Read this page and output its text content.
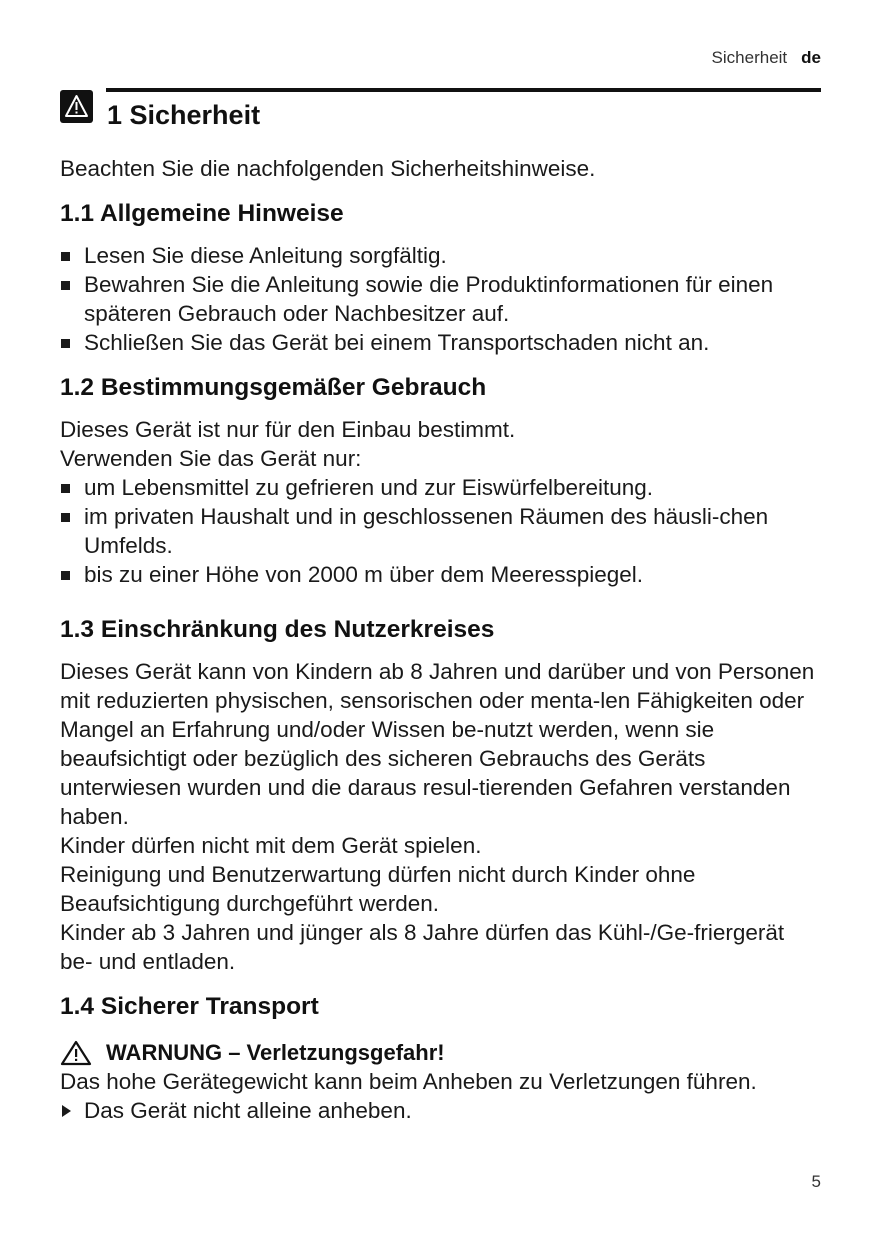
Sicherheit de
1 Sicherheit

Beachten Sie die nachfolgenden Sicherheitshinweise.

1.1 Allgemeine Hinweise
Lesen Sie diese Anleitung sorgfältig.
Bewahren Sie die Anleitung sowie die Produktinformationen für einen späteren Gebrauch oder Nachbesitzer auf.
Schließen Sie das Gerät bei einem Transportschaden nicht an.
1.2 Bestimmungsgemäßer Gebrauch

Dieses Gerät ist nur für den Einbau bestimmt.

Verwenden Sie das Gerät nur:

um Lebensmittel zu gefrieren und zur Eiswürfelbereitung.
im privaten Haushalt und in geschlossenen Räumen des häusli-chen Umfelds.
bis zu einer Höhe von 2000 m über dem Meeresspiegel.
1.3 Einschränkung des Nutzerkreises

Dieses Gerät kann von Kindern ab 8 Jahren und darüber und von Personen mit reduzierten physischen, sensorischen oder menta-len Fähigkeiten oder Mangel an Erfahrung und/oder Wissen be-nutzt werden, wenn sie beaufsichtigt oder bezüglich des sicheren Gebrauchs des Geräts unterwiesen wurden und die daraus resul-tierenden Gefahren verstanden haben.

Kinder dürfen nicht mit dem Gerät spielen.

Reinigung und Benutzerwartung dürfen nicht durch Kinder ohne Beaufsichtigung durchgeführt werden.

Kinder ab 3 Jahren und jünger als 8 Jahre dürfen das Kühl-/Ge-friergerät be- und entladen.

1.4 Sicherer Transport
WARNUNG – Verletzungsgefahr!

Das hohe Gerätegewicht kann beim Anheben zu Verletzungen führen.

Das Gerät nicht alleine anheben.
5
